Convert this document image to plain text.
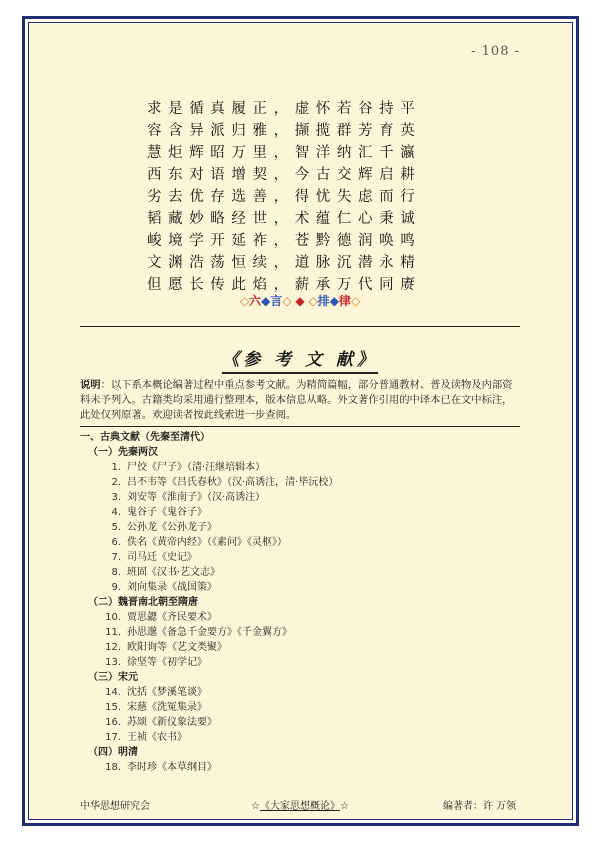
- 108 -
求是循真履正，虚怀若谷持平
容含异派归雅，撷揽群芳育英
慧炬辉昭万里，智洋纳汇千瀛
西东对语增契，今古交辉启耕
劣去优存选善，得忧失虑而行
韬藏妙略经世，术蕴仁心秉诚
峻境学开延祚，苍黔德润唤鸣
文渊浩荡恒续，道脉沉潜永精
但愿长传此焰，薪承万代同赓
◇六◆言◇ ◆ ◇排◆律◇
《参 考 文 献》
说明：以下系本概论编著过程中重点参考文献。为精简篇幅，部分普通教材、普及读物及内部资料未予列入。古籍类均采用通行整理本，版本信息从略。外文著作引用的中译本已在文中标注，此处仅列原著。欢迎读者按此线索进一步查阅。
一、古典文献（先秦至清代）
（一）先秦两汉
1. 尸佼《尸子》（清·汪继培辑本）
2. 吕不韦等《吕氏春秋》（汉·高诱注，清·毕沅校）
3. 刘安等《淮南子》（汉·高诱注）
4. 鬼谷子《鬼谷子》
5. 公孙龙《公孙龙子》
6. 佚名《黄帝内经》（《素问》《灵枢》）
7. 司马迁《史记》
8. 班固《汉书·艺文志》
9. 刘向集录《战国策》
（二）魏晋南北朝至隋唐
10. 贾思勰《齐民要术》
11. 孙思邈《备急千金要方》《千金翼方》
12. 欧阳询等《艺文类聚》
13. 徐坚等《初学记》
（三）宋元
14. 沈括《梦溪笔谈》
15. 宋慈《洗冤集录》
16. 苏颂《新仪象法要》
17. 王祯《农书》
（四）明清
18. 李时珍《本草纲目》
中华思想研究会	☆《大家思想概论》☆	编著者：许 万领
